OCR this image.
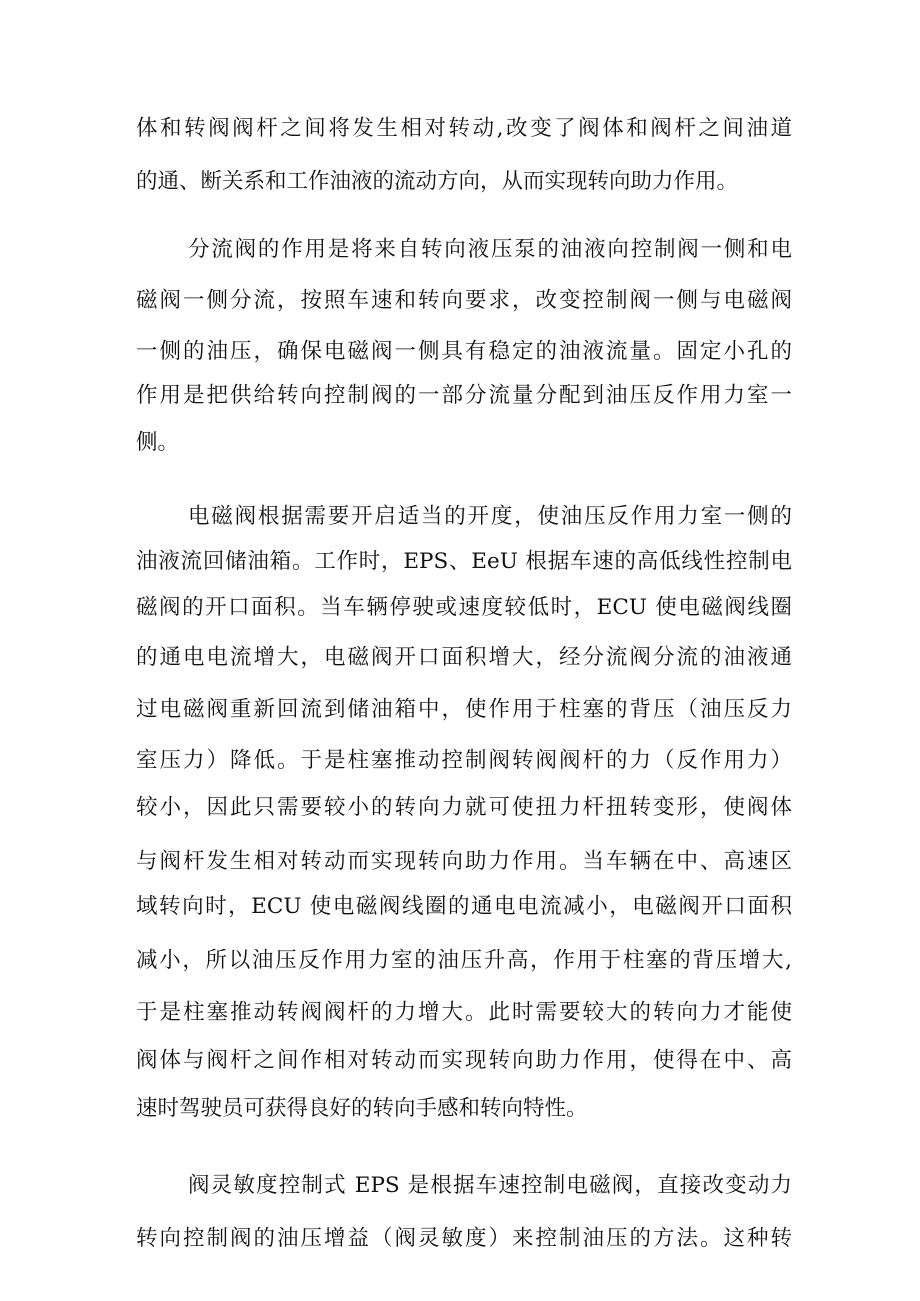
体和转阀阀杆之间将发生相对转动,改变了阀体和阀杆之间油道
的通、断关系和工作油液的流动方向，从而实现转向助力作用。
分流阀的作用是将来自转向液压泵的油液向控制阀一侧和电
磁阀一侧分流，按照车速和转向要求，改变控制阀一侧与电磁阀
一侧的油压，确保电磁阀一侧具有稳定的油液流量。固定小孔的
作用是把供给转向控制阀的一部分流量分配到油压反作用力室一
侧。
电磁阀根据需要开启适当的开度，使油压反作用力室一侧的
油液流回储油箱。工作时，EPS、EeU 根据车速的高低线性控制电
磁阀的开口面积。当车辆停驶或速度较低时，ECU 使电磁阀线圈
的通电电流增大，电磁阀开口面积增大，经分流阀分流的油液通
过电磁阀重新回流到储油箱中，使作用于柱塞的背压（油压反力
室压力）降低。于是柱塞推动控制阀转阀阀杆的力（反作用力）
较小，因此只需要较小的转向力就可使扭力杆扭转变形，使阀体
与阀杆发生相对转动而实现转向助力作用。当车辆在中、高速区
域转向时，ECU 使电磁阀线圈的通电电流减小，电磁阀开口面积
减小，所以油压反作用力室的油压升高，作用于柱塞的背压增大,
于是柱塞推动转阀阀杆的力增大。此时需要较大的转向力才能使
阀体与阀杆之间作相对转动而实现转向助力作用，使得在中、高
速时驾驶员可获得良好的转向手感和转向特性。
阀灵敏度控制式 EPS 是根据车速控制电磁阀，直接改变动力
转向控制阀的油压增益（阀灵敏度）来控制油压的方法。这种转
